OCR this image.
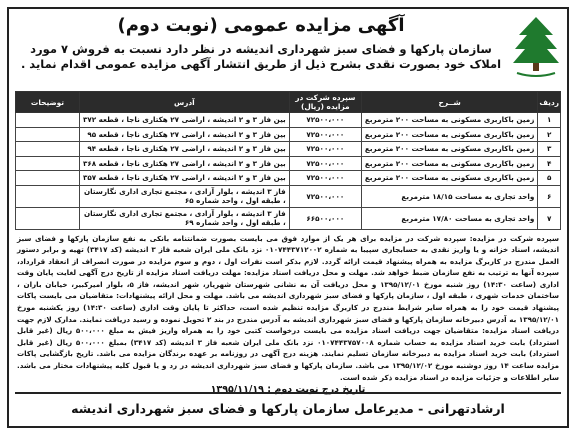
آگهی مزایده عمومی (نوبت دوم)
سازمان پارکها و فضای سبز شهرداری اندیشه در نظر دارد نسبت به فروش ۷ مورد املاک خود بصورت نقدی بشرح ذیل از طریق انتشار آگهی مزایده عمومی اقدام نماید .
ردیف	شــرح	سپرده شرکت در مزایده (ریال)	آدرس	توضیحات
۱	زمین باکاربری مسکونی به مساحت ۲۰۰ مترمربع	۷۲۵۰۰،۰۰۰	بین فاز ۳ و ۲ اندیشه ، اراضی ۲۷ هکتاری ناجا ، قطعه ۳۷۲	
۲	زمین باکاربری مسکونی به مساحت ۲۰۰ مترمربع	۷۲۵۰۰،۰۰۰	بین فاز ۳ و ۲ اندیشه ، اراضی ۲۷ هکتاری ناجا ، قطعه ۹۵	
۳	زمین باکاربری مسکونی به مساحت ۲۰۰ مترمربع	۷۲۵۰۰،۰۰۰	بین فاز ۳ و ۲ اندیشه ، اراضی ۲۷ هکتاری ناجا ، قطعه ۹۴	
۴	زمین باکاربری مسکونی به مساحت ۲۰۰ مترمربع	۷۲۵۰۰،۰۰۰	بین فاز ۳ و ۲ اندیشه ، اراضی ۲۷ هکتاری ناجا ، قطعه ۳۶۸	
۵	زمین باکاربری مسکونی به مساحت ۲۰۰ مترمربع	۷۲۵۰۰،۰۰۰	بین فاز ۳ و ۲ اندیشه ، اراضی ۲۷ هکتاری ناجا ، قطعه ۳۵۷	
۶	واحد تجاری به مساحت ۱۸/۱۵ مترمربع	۷۲۵۰۰،۰۰۰	فاز ۳ اندیشه ، بلوار آزادی ، مجتمع تجاری اداری نگارستان ، طبقه اول ، واحد شماره ۶۵	
۷	واحد تجاری به مساحت ۱۷/۸۰ مترمربع	۶۶۵۰۰،۰۰۰	فاز ۳ اندیشه ، بلوار آزادی ، مجتمع تجاری اداری نگارستان ، طبقه اول ، واحد شماره ۶۹	
سپرده شرکت در مزایده: سپرده شرکت در مزایده برای هر یک از موارد فوق می بایست بصورت ضمانتنامه بانکی به نفع سازمان پارکها و فضای سبز اندیشه، اسناد خزانه و یا واریز نقدی به حسابجاری سپیبا به شماره ۰۱۰۷۴۴۳۷۱۲۰۰۲ نزد بانک ملی ایران شعبه فاز ۳ اندیشه (کد ۳۴۱۷) تهیه و برابر دستور العمل مندرج در کاربرگ مزایده به همراه پیشنهاد قیمت ارائه گردد. لازم بذکر است نفرات اول ، دوم و سوم مزایده در صورت انصراف از انعقاد قرارداد، سپرده آنها به ترتیب به نفع سازمان ضبط خواهد شد. مهلت و محل دریافت اسناد مزایده: مهلت دریافت اسناد مزایده از تاریخ درج آگهی لغایت پایان وقت اداری (ساعت ۱۴:۳۰) روز شنبه مورخ ۱۳۹۵/۱۲/۰۱ و محل دریافت آن به نشانی شهرستان شهریار، شهر اندیشه، فاز ۵، بلوار امیرکبیر، خیابان باران ، ساختمان خدمات شهری ، طبقه اول ، سازمان پارکها و فضای سبز شهرداری اندیشه می باشد. مهلت و محل ارائه پیشنهادات: متقاضیان می بایست پاکات پیشنهاد قیمت خود را به همراه سایر شرایط مندرج در کاربرگ مزایده تنظیم شده است، حداکثر تا پایان وقت اداری (ساعت ۱۴:۳۰) روز یکشنبه مورخ ۱۳۹۵/۱۲/۰۱ به آدرس دبیرخانه سازمان پارکها و فضای سبز شهرداری اندیشه به آدرس مندرج در بند ۲ تحویل نموده و رسید دریافت نمایند. مدارک لازم جهت دریافت اسناد مزایده: متقاضیان جهت دریافت اسناد مزایده می بایست درخواست کتبی خود را به همراه واریز فیش به مبلغ ۵۰۰،۰۰۰ ریال (غیر قابل استرداد) بابت خرید اسناد مزایده به حساب شماره ۰۱۰۷۴۴۳۷۵۷۰۰۸ نزد بانک ملی ایران شعبه فاز ۳ اندیشه (کد ۳۴۱۷) بمبلغ ۵۰۰،۰۰۰ ریال (غیر قابل استرداد) بابت خرید اسناد مزایده به دبیرخانه سازمان تسلیم نمایند. هزینه درج آگهی در روزنامه بر عهده برندگان مزایده می باشد. تاریخ بازگشایی پاکات مزایده ساعت ۱۴ روز دوشنبه مورخ ۱۳۹۵/۱۲/۰۲ می باشد. سازمان پارکها و فضای سبز شهرداری اندیشه در رد و یا قبول کلیه پیشنهادات مختار می باشد. سایر اطلاعات و جزئیات مزایده در اسناد مزایده ذکر شده است.
تاریخ درج نوبت دوم : ۱۳۹۵/۱۱/۱۹
ارشادتهرانی - مدیرعامل سازمان پارکها و فضای سبز شهرداری اندیشه
